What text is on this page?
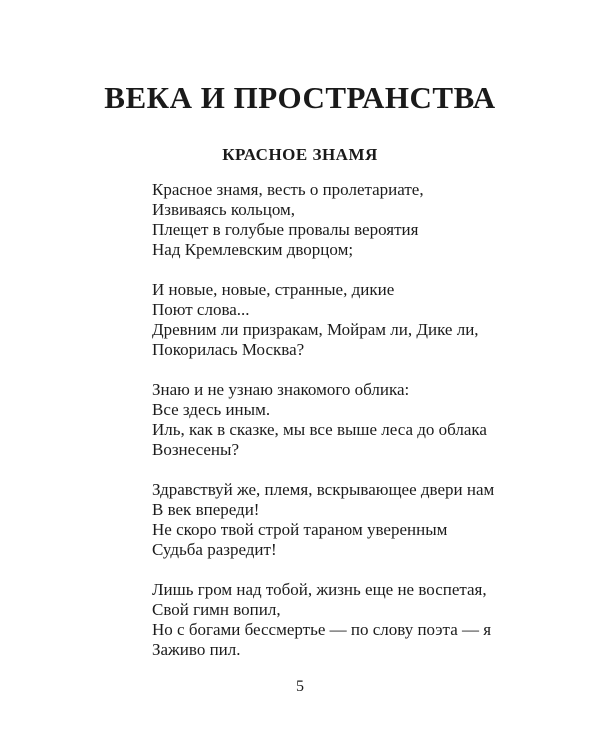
ВЕКА И ПРОСТРАНСТВА
КРАСНОЕ ЗНАМЯ
Красное знамя, весть о пролетариате,
Извиваясь кольцом,
Плещет в голубые провалы вероятия
Над Кремлевским дворцом;
И новые, новые, странные, дикие
Поют слова...
Древним ли призракам, Мойрам ли, Дике ли,
Покорилась Москва?
Знаю и не узнаю знакомого облика:
Все здесь иным.
Иль, как в сказке, мы все выше леса до облака
Вознесены?
Здравствуй же, племя, вскрывающее двери нам
В век впереди!
Не скоро твой строй тараном уверенным
Судьба разредит!
Лишь гром над тобой, жизнь еще не воспетая,
Свой гимн вопил,
Но с богами бессмертье — по слову поэта — я
Заживо пил.
5
